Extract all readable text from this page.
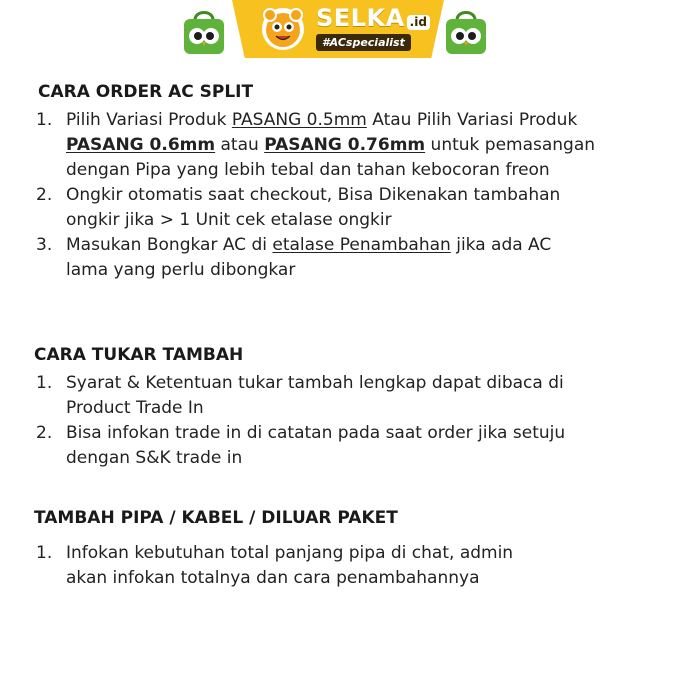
SELKA .id
#ACspecialist
CARA ORDER AC SPLIT
1. Pilih Variasi Produk PASANG 0.5mm Atau Pilih Variasi Produk PASANG 0.6mm atau PASANG 0.76mm untuk pemasangan dengan Pipa yang lebih tebal dan tahan kebocoran freon
2. Ongkir otomatis saat checkout, Bisa Dikenakan tambahan ongkir jika > 1 Unit cek etalase ongkir
3. Masukan Bongkar AC di etalase Penambahan jika ada AC lama yang perlu dibongkar
CARA TUKAR TAMBAH
1. Syarat & Ketentuan tukar tambah lengkap dapat dibaca di Product Trade In
2. Bisa infokan trade in di catatan pada saat order jika setuju dengan S&K trade in
TAMBAH PIPA / KABEL / DILUAR PAKET
1. Infokan kebutuhan total panjang pipa di chat, admin akan infokan totalnya dan cara penambahannya
